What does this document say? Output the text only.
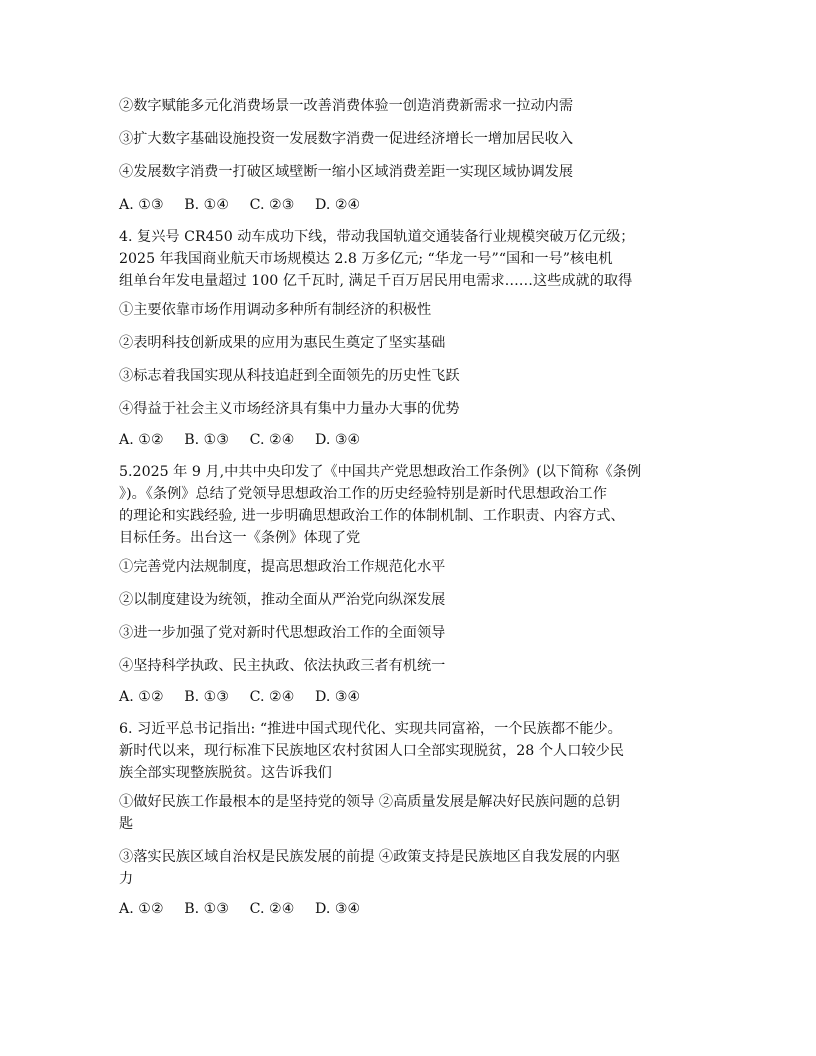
②数字赋能多元化消费场景一改善消费体验一创造消费新需求一拉动内需
③扩大数字基础设施投资一发展数字消费一促进经济增长一增加居民收入
④发展数字消费一打破区域壁断一缩小区域消费差距一实现区域协调发展
A. ①③ B. ①④ C. ②③ D. ②④
4. 复兴号 CR450 动车成功下线，带动我国轨道交通装备行业规模突破万亿元级；
2025 年我国商业航天市场规模达 2.8 万多亿元; “华龙一号”“国和一号”核电机
组单台年发电量超过 100 亿千瓦时, 满足千百万居民用电需求……这些成就的取得
①主要依靠市场作用调动多种所有制经济的积极性
②表明科技创新成果的应用为惠民生奠定了坚实基础
③标志着我国实现从科技追赶到全面领先的历史性飞跃
④得益于社会主义市场经济具有集中力量办大事的优势
A. ①② B. ①③ C. ②④ D. ③④
5.2025 年 9 月,中共中央印发了《中国共产党思想政治工作条例》(以下简称《条例
》)。《条例》总结了党领导思想政治工作的历史经验特别是新时代思想政治工作
的理论和实践经验, 进一步明确思想政治工作的体制机制、工作职责、内容方式、
目标任务。出台这一《条例》体现了党
①完善党内法规制度，提高思想政治工作规范化水平
②以制度建设为统领，推动全面从严治党向纵深发展
③进一步加强了党对新时代思想政治工作的全面领导
④坚持科学执政、民主执政、依法执政三者有机统一
A. ①② B. ①③ C. ②④ D. ③④
6. 习近平总书记指出: “推进中国式现代化、实现共同富裕，一个民族都不能少。
新时代以来，现行标准下民族地区农村贫困人口全部实现脱贫，28 个人口较少民
族全部实现整族脱贫。这告诉我们
①做好民族工作最根本的是坚持党的领导 ②高质量发展是解决好民族问题的总钥
匙
③落实民族区域自治权是民族发展的前提 ④政策支持是民族地区自我发展的内驱
力
A. ①② B. ①③ C. ②④ D. ③④
